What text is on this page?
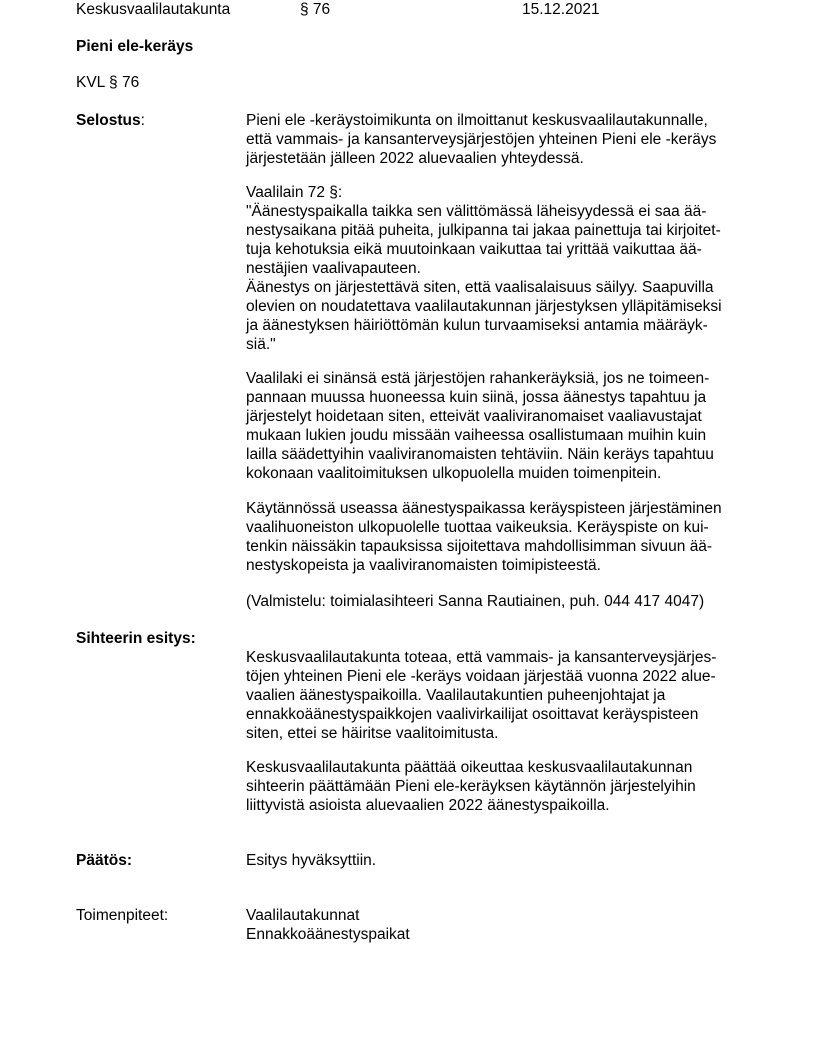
Keskusvaalilautakunta	§ 76	15.12.2021
Pieni ele-keräys
KVL § 76
Selostus:	Pieni ele -keräystoimikunta on ilmoittanut keskusvaalilautakunnalle,
että vammais- ja kansanterveysjärjestöjen yhteinen Pieni ele -keräys
järjestetään jälleen 2022 aluevaalien yhteydessä.
Vaalilain 72 §:
"Äänestyspaikalla taikka sen välittömässä läheisyydessä ei saa ää-
nestysaikana pitää puheita, julkipanna tai jakaa painettuja tai kirjoitet-
tuja kehotuksia eikä muutoinkaan vaikuttaa tai yrittää vaikuttaa ää-
nestäjien vaalivapauteen.
Äänestys on järjestettävä siten, että vaalisalaisuus säilyy. Saapuvilla
olevien on noudatettava vaalilautakunnan järjestyksen ylläpitämiseksi
ja äänestyksen häiriöttömän kulun turvaamiseksi antamia määräyk-
siä."
Vaalilaki ei sinänsä estä järjestöjen rahankeräyksiä, jos ne toimeen-
pannaan muussa huoneessa kuin siinä, jossa äänestys tapahtuu ja
järjestelyt hoidetaan siten, etteivät vaaliviranomaiset vaaliavustajat
mukaan lukien joudu missään vaiheessa osallistumaan muihin kuin
lailla säädettyihin vaaliviranomaisten tehtäviin. Näin keräys tapahtuu
kokonaan vaalitoimituksen ulkopuolella muiden toimenpitein.
Käytännössä useassa äänestyspaikassa keräyspisteen järjestäminen
vaalihuoneiston ulkopuolelle tuottaa vaikeuksia. Keräyspiste on kui-
tenkin näissäkin tapauksissa sijoitettava mahdollisimman sivuun ää-
nestyskopeista ja vaaliviranomaisten toimipisteestä.
(Valmistelu: toimialasihteeri Sanna Rautiainen, puh. 044 417 4047)
Sihteerin esitys:
Keskusvaalilautakunta toteaa, että vammais- ja kansanterveysjärjes-
töjen yhteinen Pieni ele -keräys voidaan järjestää vuonna 2022 alue-
vaalien äänestyspaikoilla. Vaalilautakuntien puheenjohtajat ja
ennakkoäänestyspaikkojen vaalivirkailijat osoittavat keräyspisteen
siten, ettei se häiritse vaalitoimitusta.
Keskusvaalilautakunta päättää oikeuttaa keskusvaalilautakunnan
sihteerin päättämään Pieni ele-keräyksen käytännön järjestelyihin
liittyvistä asioista aluevaalien 2022 äänestyspaikoilla.
Päätös:	Esitys hyväksyttiin.
Toimenpiteet:	Vaalilautakunnat
Ennakkoäänestyspaikat
